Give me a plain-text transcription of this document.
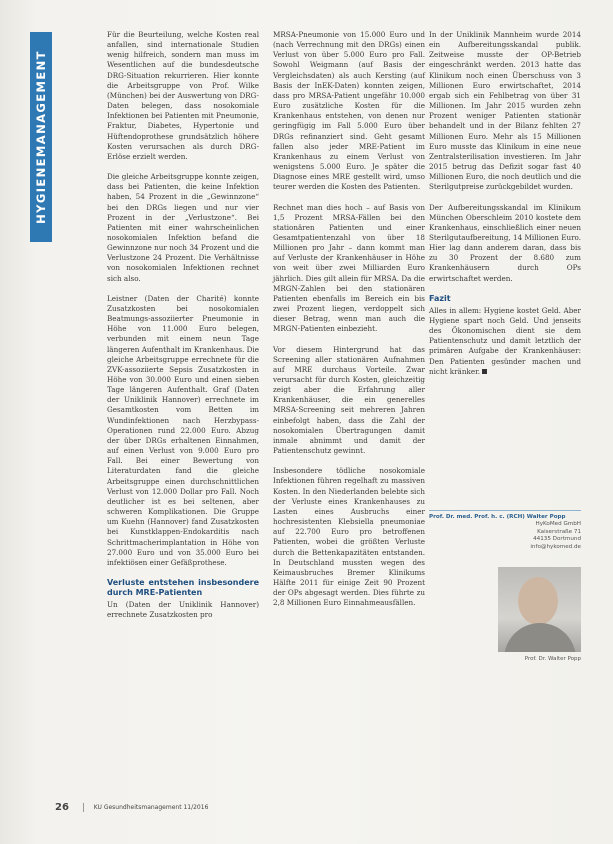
HYGIENEMANAGEMENT

Für die Beurteilung, welche Kosten real anfallen, sind internationale Studien wenig hilfreich, sondern man muss im Wesentlichen auf die bundesdeutsche DRG-Situation rekurrieren. Hier konnte die Arbeitsgruppe von Prof. Wilke (München) bei der Auswertung von DRG-Daten belegen, dass nosokomiale Infektionen bei Patienten mit Pneumonie, Fraktur, Diabetes, Hypertonie und Hüftendoprothese grundsätzlich höhere Kosten verursachen als durch DRG-Erlöse erzielt werden.

Die gleiche Arbeitsgruppe konnte zeigen, dass bei Patienten, die keine Infektion haben, 54 Prozent in die „Gewinnzone“ bei den DRGs liegen und nur vier Prozent in der „Verlustzone“. Bei Patienten mit einer wahrscheinlichen nosokomialen Infektion befand die Gewinnzone nur noch 34 Prozent und die Verlustzone 24 Prozent. Die Verhältnisse von nosokomialen Infektionen rechnet sich also.

Leistner (Daten der Charité) konnte Zusatzkosten bei nosokomialen Beatmungs-assoziierter Pneumonie in Höhe von 11.000 Euro belegen, verbunden mit einem neun Tage längeren Aufenthalt im Krankenhaus. Die gleiche Arbeitsgruppe errechnete für die ZVK-assoziierte Sepsis Zusatzkosten in Höhe von 30.000 Euro und einen sieben Tage längeren Aufenthalt. Graf (Daten der Uniklinik Hannover) errechnete im Gesamtkosten vom Betten im Wundinfektionen nach Herzbypass-Operationen rund 22.000 Euro. Abzug der über DRGs erhaltenen Einnahmen, auf einen Verlust von 9.000 Euro pro Fall. Bei einer Bewertung von Literaturdaten fand die gleiche Arbeitsgruppe einen durchschnittlichen Verlust von 12.000 Dollar pro Fall. Noch deutlicher ist es bei seltenen, aber schweren Komplikationen. Die Gruppe um Kuehn (Hannover) fand Zusatzkosten bei Kunstklappen-Endokarditis nach Schrittmacherimplantation in Höhe von 27.000 Euro und von 35.000 Euro bei infektiösen einer Gefäßprothese.

Verluste entstehen insbesondere durch MRE-Patienten

Un (Daten der Uniklinik Hannover) errechnete Zusatzkosten pro

MRSA-Pneumonie von 15.000 Euro und (nach Verrechnung mit den DRGs) einen Verlust von über 5.000 Euro pro Fall. Sowohl Weigmann (auf Basis der Vergleichsdaten) als auch Kersting (auf Basis der InEK-Daten) konnten zeigen, dass pro MRSA-Patient ungefähr 10.000 Euro zusätzliche Kosten für die Krankenhaus entstehen, von denen nur geringfügig im Fall 5.000 Euro über DRGs refinanziert sind. Geht gesamt fallen also jeder MRE-Patient im Krankenhaus zu einem Verlust von wenigstens 5.000 Euro. Je später die Diagnose eines MRE gestellt wird, umso teurer werden die Kosten des Patienten.

Rechnet man dies hoch – auf Basis von 1,5 Prozent MRSA-Fällen bei den stationären Patienten und einer Gesamtpatientenzahl von über 18 Millionen pro Jahr – dann kommt man auf Verluste der Krankenhäuser in Höhe von weit über zwei Milliarden Euro jährlich. Dies gilt allein für MRSA. Da die MRGN-Zahlen bei den stationären Patienten ebenfalls im Bereich ein bis zwei Prozent liegen, verdoppelt sich dieser Betrag, wenn man auch die MRGN-Patienten einbezieht.

Vor diesem Hintergrund hat das Screening aller stationären Aufnahmen auf MRE durchaus Vorteile. Zwar verursacht für durch Kosten, gleichzeitig zeigt aber die Erfahrung aller Krankenhäuser, die ein generelles MRSA-Screening seit mehreren Jahren einbefolgt haben, dass die Zahl der nosokomialen Übertragungen damit inmale abnimmt und damit der Patientenschutz gewinnt.

Insbesondere tödliche nosokomiale Infektionen führen regelhaft zu massiven Kosten. In den Niederlanden belebte sich der Verluste eines Krankenhauses zu Lasten eines Ausbruchs einer hochresistenten Klebsiella pneumoniae auf 22.700 Euro pro betroffenen Patienten, wobei die größten Verluste durch die Bettenkapazitäten entstanden. In Deutschland mussten wegen des Keimausbruches Bremer Klinikums Hälfte 2011 für einige Zeit 90 Prozent der OPs abgesagt werden. Dies führte zu 2,8 Millionen Euro Einnahmeausfällen.

In der Uniklinik Mannheim wurde 2014 ein Aufbereitungsskandal publik. Zeitweise musste der OP-Betrieb eingeschränkt werden. 2013 hatte das Klinikum noch einen Überschuss von 3 Millionen Euro erwirtschaftet, 2014 ergab sich ein Fehlbetrag von über 31 Millionen. Im Jahr 2015 wurden zehn Prozent weniger Patienten stationär behandelt und in der Bilanz fehlten 27 Millionen Euro. Mehr als 15 Millionen Euro musste das Klinikum in eine neue Zentralsterilisation investieren. Im Jahr 2015 betrug das Defizit sogar fast 40 Millionen Euro, die noch deutlich und die Sterilgutpreise zurückgebildet wurden.

Der Aufbereitungsskandal im Klinikum München Oberschleim 2010 kostete dem Krankenhaus, einschließlich einer neuen Sterilgutaufbereitung, 14 Millionen Euro. Hier lag dann anderem daran, dass bis zu 30 Prozent der 8.680 zum Krankenhäusern durch OPs erwirtschaftet werden.

Fazit

Alles in allem: Hygiene kostet Geld. Aber Hygiene spart noch Geld. Und jenseits des Ökonomischen dient sie dem Patientenschutz und damit letztlich der primären Aufgabe der Krankenhäuser: Den Patienten gesünder machen und nicht kränker.

Prof. Dr. med. Prof. h. c. (RCH) Walter Popp
HyKoMed GmbH
Kaiserstraße 71
44135 Dortmund
info@hykomed.de
Prof. Dr. Walter Popp
26	KU Gesundheitsmanagement 11/2016
